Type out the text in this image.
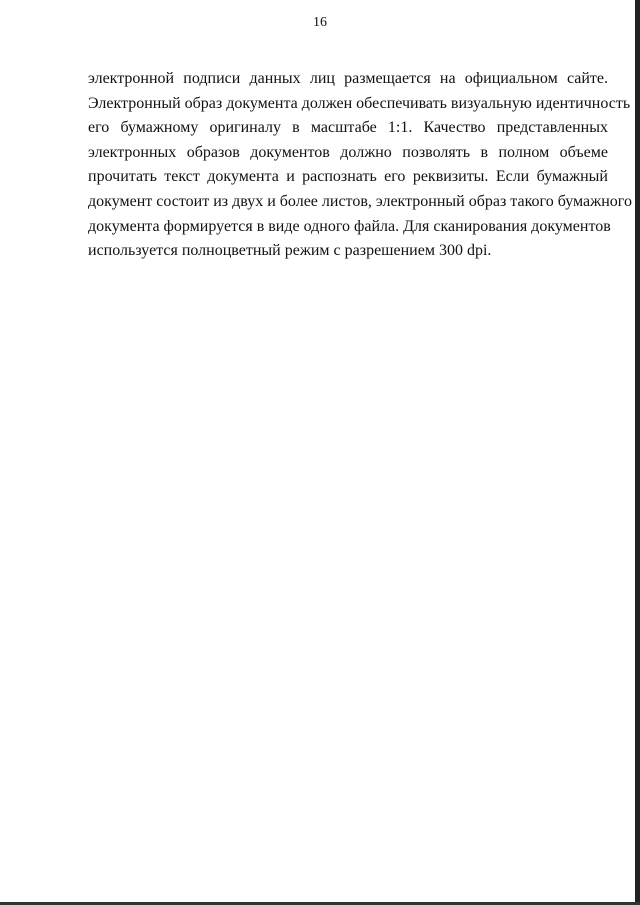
16
электронной подписи данных лиц размещается на официальном сайте.
Электронный образ документа должен обеспечивать визуальную идентичность
его бумажному оригиналу в масштабе 1:1. Качество представленных
электронных образов документов должно позволять в полном объеме
прочитать текст документа и распознать его реквизиты. Если бумажный
документ состоит из двух и более листов, электронный образ такого бумажного
документа формируется в виде одного файла. Для сканирования документов
используется полноцветный режим с разрешением 300 dpi.
